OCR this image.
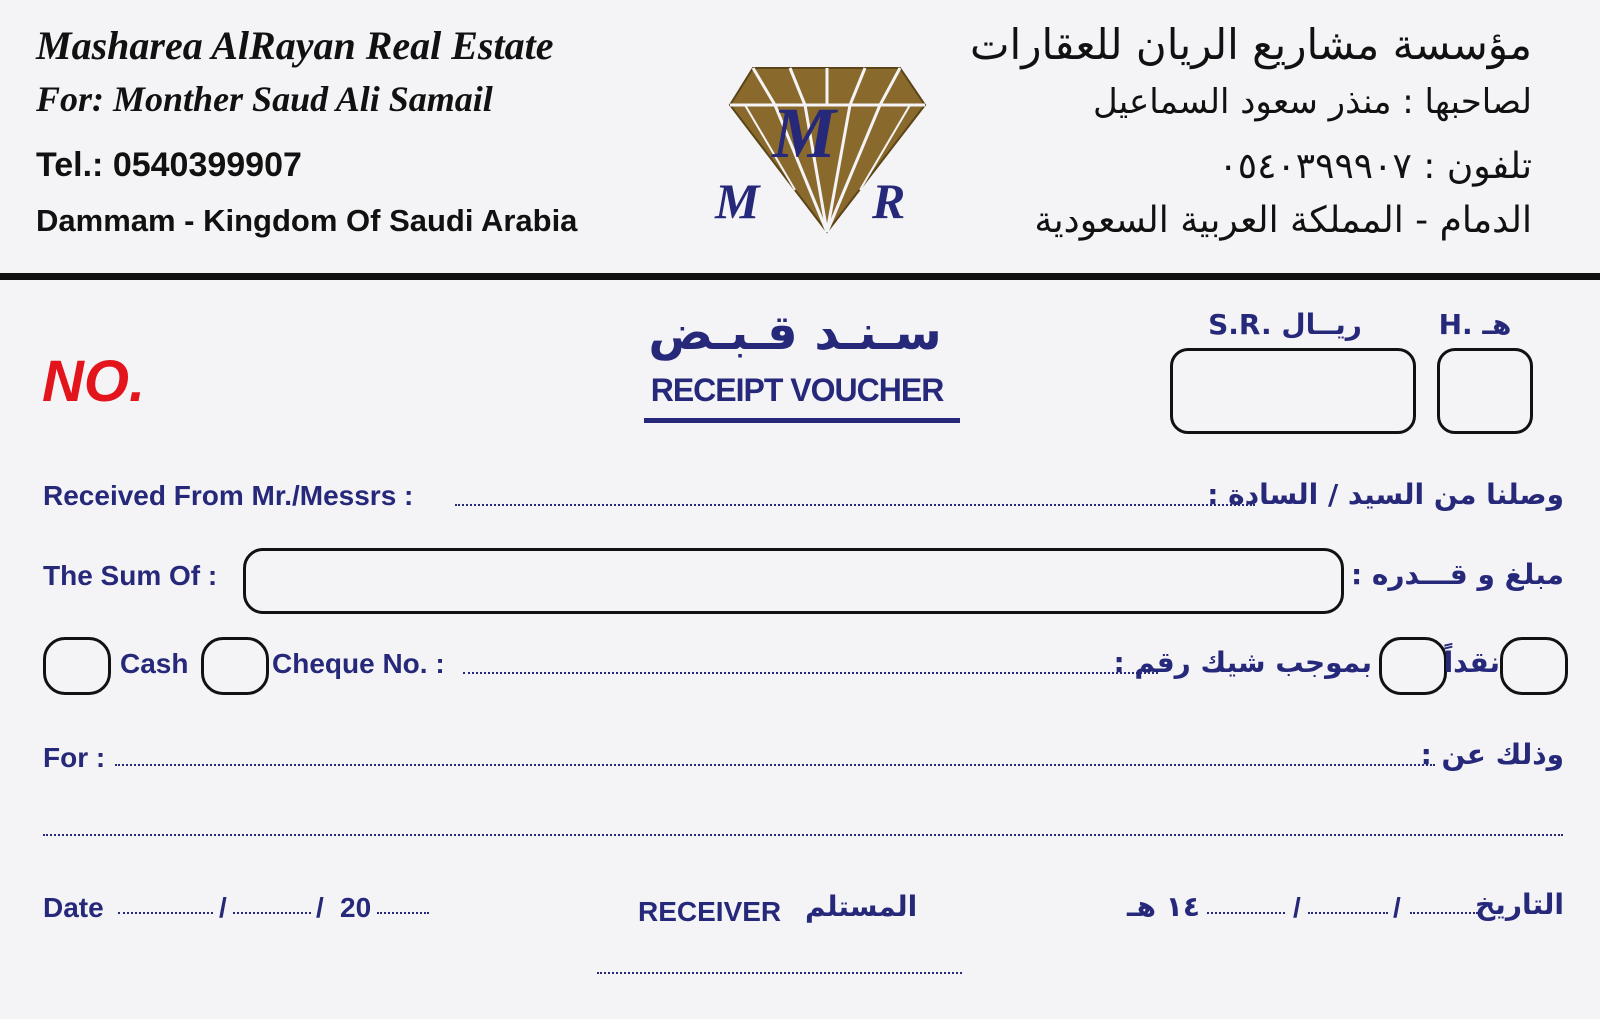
Masharea AlRayan Real Estate
For: Monther Saud Ali Samail
Tel.: 0540399907
Dammam - Kingdom Of Saudi Arabia
M
M R
مؤسسة مشاريع الريان للعقارات
لصاحبها : منذر سعود السماعيل
تلفون : ٠٥٤٠٣٩٩٩٠٧
الدمام - المملكة العربية السعودية
NO.
سـنـد قـبـض
RECEIPT VOUCHER
S.R. ريــال	H. هـ
Received From Mr./Messrs :	وصلنا من السيد / السادة :
The Sum Of :	مبلغ و قـــدره :
Cash	Cheque No. :	بموجب شيك رقم :	نقداً
For :	وذلك عن :
Date	/	/ 20	RECEIVER المستلم	١٤ هـ	/	/	التاريخ
